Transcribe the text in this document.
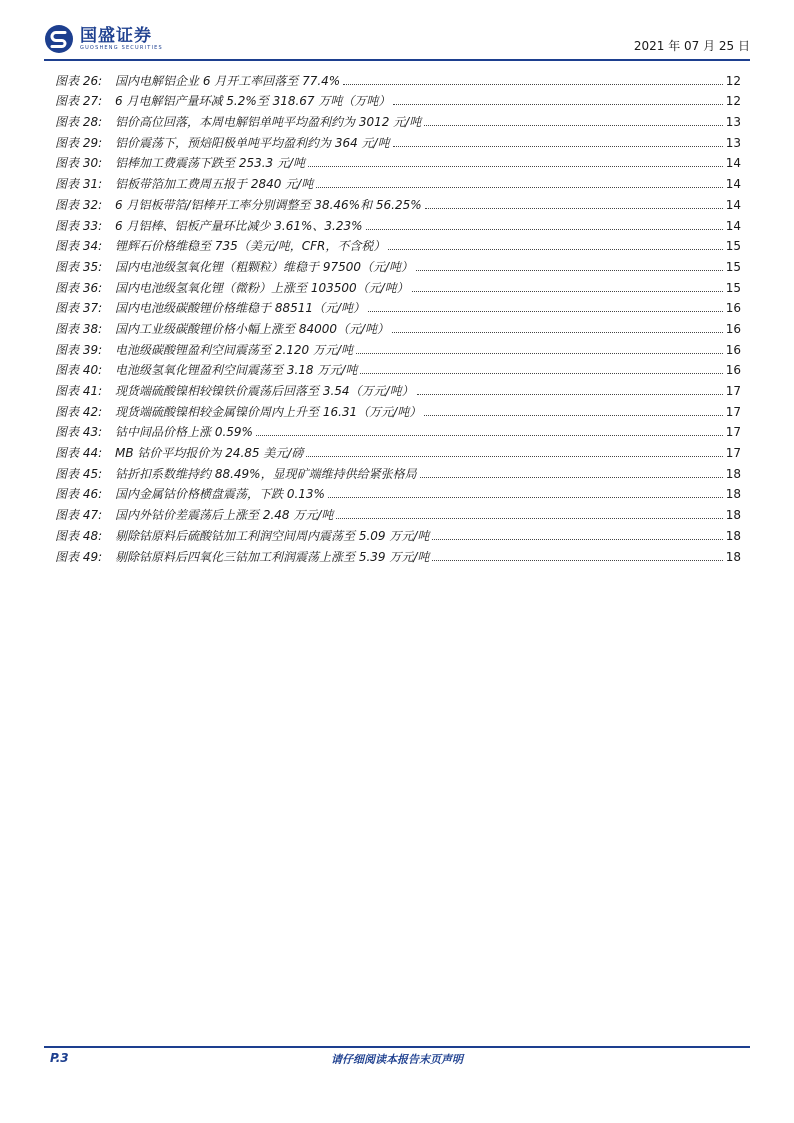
国盛证券
GUOSHENG SECURITIES	2021 年 07 月 25 日
图表 26:	国内电解铝企业 6 月开工率回落至 77.4%	12
图表 27:	6 月电解铝产量环减 5.2%至 318.67 万吨（万吨）	12
图表 28:	铝价高位回落，本周电解铝单吨平均盈利约为 3012 元/吨	13
图表 29:	铝价震荡下，预焙阳极单吨平均盈利约为 364 元/吨	13
图表 30:	铝棒加工费震荡下跌至 253.3 元/吨	14
图表 31:	铝板带箔加工费周五报于 2840 元/吨	14
图表 32:	6 月铝板带箔/铝棒开工率分别调整至 38.46%和 56.25%	14
图表 33:	6 月铝棒、铝板产量环比减少 3.61%、3.23%	14
图表 34:	锂辉石价格维稳至 735（美元/吨，CFR，不含税）	15
图表 35:	国内电池级氢氧化锂（粗颗粒）维稳于 97500（元/吨）	15
图表 36:	国内电池级氢氧化锂（微粉）上涨至 103500（元/吨）	15
图表 37:	国内电池级碳酸锂价格维稳于 88511（元/吨）	16
图表 38:	国内工业级碳酸锂价格小幅上涨至 84000（元/吨）	16
图表 39:	电池级碳酸锂盈利空间震荡至 2.120 万元/吨	16
图表 40:	电池级氢氧化锂盈利空间震荡至 3.18 万元/吨	16
图表 41:	现货端硫酸镍相较镍铁价震荡后回落至 3.54（万元/吨）	17
图表 42:	现货端硫酸镍相较金属镍价周内上升至 16.31（万元/吨）	17
图表 43:	钴中间品价格上涨 0.59%	17
图表 44:	MB 钴价平均报价为 24.85 美元/磅	17
图表 45:	钴折扣系数维持约 88.49%，显现矿端维持供给紧张格局	18
图表 46:	国内金属钴价格横盘震荡，下跌 0.13%	18
图表 47:	国内外钴价差震荡后上涨至 2.48 万元/吨	18
图表 48:	剔除钴原料后硫酸钴加工利润空间周内震荡至 5.09 万元/吨	18
图表 49:	剔除钴原料后四氧化三钴加工利润震荡上涨至 5.39 万元/吨	18
P.3	请仔细阅读本报告末页声明
